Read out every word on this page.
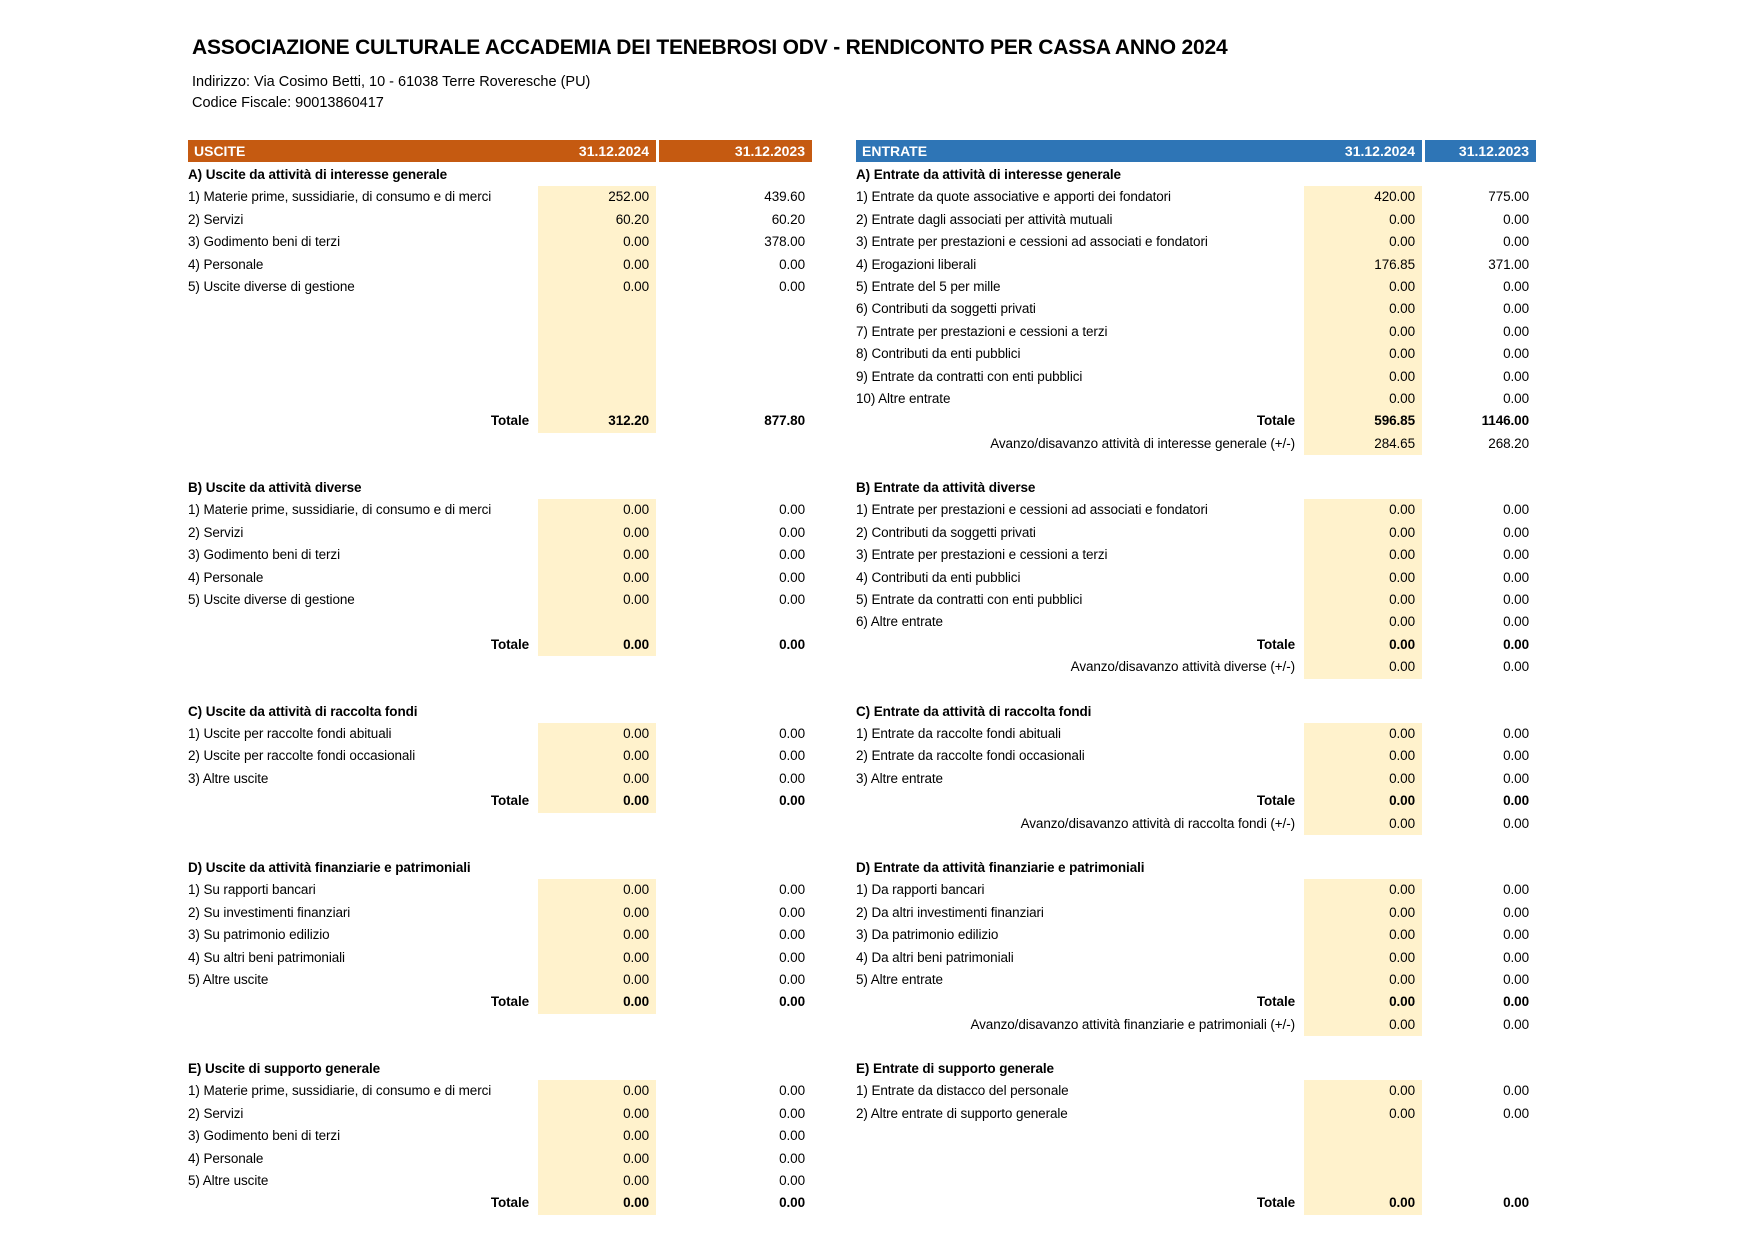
ASSOCIAZIONE CULTURALE ACCADEMIA DEI TENEBROSI ODV - RENDICONTO PER CASSA ANNO 2024

Indirizzo: Via Cosimo Betti, 10 - 61038 Terre Roveresche (PU)

Codice Fiscale: 90013860417

USCITE	31.12.2024	31.12.2023
A) Uscite da attività di interesse generale
1) Materie prime, sussidiarie, di consumo e di merci	252.00	439.60
2) Servizi	60.20	60.20
3) Godimento beni di terzi	0.00	378.00
4) Personale	0.00	0.00
5) Uscite diverse di gestione	0.00	0.00
Totale	312.20	877.80
B) Uscite da attività diverse
1) Materie prime, sussidiarie, di consumo e di merci	0.00	0.00
2) Servizi	0.00	0.00
3) Godimento beni di terzi	0.00	0.00
4) Personale	0.00	0.00
5) Uscite diverse di gestione	0.00	0.00
Totale	0.00	0.00
C) Uscite da attività di raccolta fondi
1) Uscite per raccolte fondi abituali	0.00	0.00
2) Uscite per raccolte fondi occasionali	0.00	0.00
3) Altre uscite	0.00	0.00
Totale	0.00	0.00
D) Uscite da attività finanziarie e patrimoniali
1) Su rapporti bancari	0.00	0.00
2) Su investimenti finanziari	0.00	0.00
3) Su patrimonio edilizio	0.00	0.00
4) Su altri beni patrimoniali	0.00	0.00
5) Altre uscite	0.00	0.00
Totale	0.00	0.00
E) Uscite di supporto generale
1) Materie prime, sussidiarie, di consumo e di merci	0.00	0.00
2) Servizi	0.00	0.00
3) Godimento beni di terzi	0.00	0.00
4) Personale	0.00	0.00
5) Altre uscite	0.00	0.00
Totale	0.00	0.00
ENTRATE	31.12.2024	31.12.2023
A) Entrate da attività di interesse generale
1) Entrate da quote associative e apporti dei fondatori	420.00	775.00
2) Entrate dagli associati per attività mutuali	0.00	0.00
3) Entrate per prestazioni e cessioni ad associati e fondatori	0.00	0.00
4) Erogazioni liberali	176.85	371.00
5) Entrate del 5 per mille	0.00	0.00
6) Contributi da soggetti privati	0.00	0.00
7) Entrate per prestazioni e cessioni a terzi	0.00	0.00
8) Contributi da enti pubblici	0.00	0.00
9) Entrate da contratti con enti pubblici	0.00	0.00
10) Altre entrate	0.00	0.00
Totale	596.85	1146.00
Avanzo/disavanzo attività di interesse generale (+/-)	284.65	268.20
B) Entrate da attività diverse
1) Entrate per prestazioni e cessioni ad associati e fondatori	0.00	0.00
2) Contributi da soggetti privati	0.00	0.00
3) Entrate per prestazioni e cessioni a terzi	0.00	0.00
4) Contributi da enti pubblici	0.00	0.00
5) Entrate da contratti con enti pubblici	0.00	0.00
6) Altre entrate	0.00	0.00
Totale	0.00	0.00
Avanzo/disavanzo attività diverse (+/-)	0.00	0.00
C) Entrate da attività di raccolta fondi
1) Entrate da raccolte fondi abituali	0.00	0.00
2) Entrate da raccolte fondi occasionali	0.00	0.00
3) Altre entrate	0.00	0.00
Totale	0.00	0.00
Avanzo/disavanzo attività di raccolta fondi (+/-)	0.00	0.00
D) Entrate da attività finanziarie e patrimoniali
1) Da rapporti bancari	0.00	0.00
2) Da altri investimenti finanziari	0.00	0.00
3) Da patrimonio edilizio	0.00	0.00
4) Da altri beni patrimoniali	0.00	0.00
5) Altre entrate	0.00	0.00
Totale	0.00	0.00
Avanzo/disavanzo attività finanziarie e patrimoniali (+/-)	0.00	0.00
E) Entrate di supporto generale
1) Entrate da distacco del personale	0.00	0.00
2) Altre entrate di supporto generale	0.00	0.00
Totale	0.00	0.00
